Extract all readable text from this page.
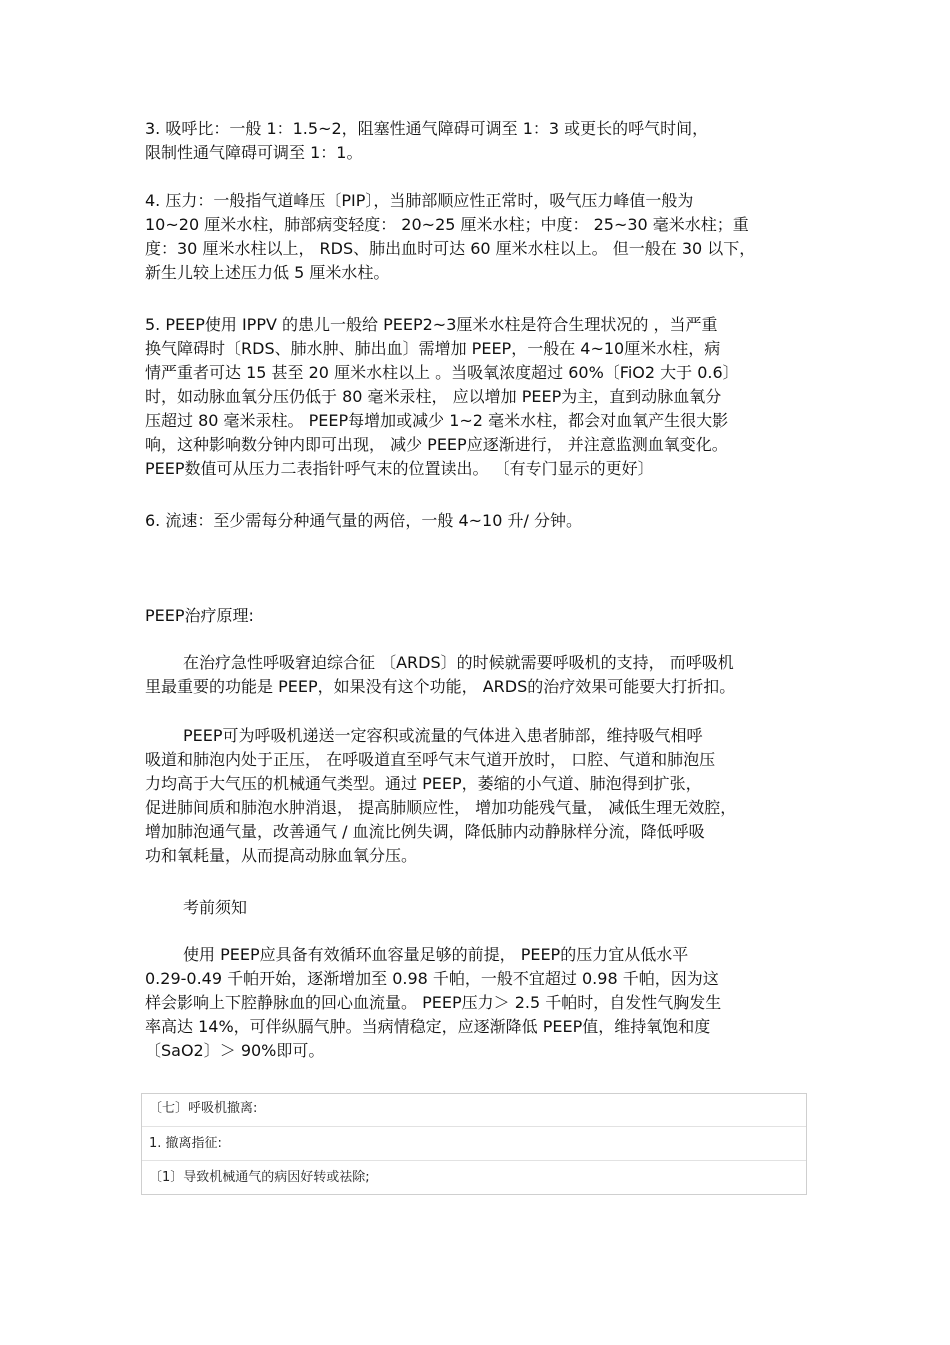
3. 吸呼比：一般 1：1.5~2，阻塞性通气障碍可调至 1：3 或更长的呼气时间，
限制性通气障碍可调至 1：1。

4. 压力：一般指气道峰压〔PIP〕，当肺部顺应性正常时，吸气压力峰值一般为
10~20 厘米水柱，肺部病变轻度： 20~25 厘米水柱；中度： 25~30 毫米水柱；重
度：30 厘米水柱以上， RDS、肺出血时可达 60 厘米水柱以上。 但一般在 30 以下，
新生儿较上述压力低 5 厘米水柱。

5. PEEP使用 IPPV 的患儿一般给 PEEP2~3厘米水柱是符合生理状况的 ，当严重
换气障碍时〔RDS、肺水肿、肺出血〕需增加 PEEP，一般在 4~10厘米水柱，病
情严重者可达 15 甚至 20 厘米水柱以上 。当吸氧浓度超过 60%〔FiO2 大于 0.6〕
时，如动脉血氧分压仍低于 80 毫米汞柱， 应以增加 PEEP为主，直到动脉血氧分
压超过 80 毫米汞柱。 PEEP每增加或减少 1~2 毫米水柱，都会对血氧产生很大影
响，这种影响数分钟内即可出现， 减少 PEEP应逐渐进行， 并注意监测血氧变化。
PEEP数值可从压力二表指针呼气末的位置读出。 〔有专门显示的更好〕

6. 流速：至少需每分种通气量的两倍，一般 4~10 升/ 分钟。

PEEP治疗原理:

在治疗急性呼吸窘迫综合征 〔ARDS〕的时候就需要呼吸机的支持， 而呼吸机
里最重要的功能是 PEEP，如果没有这个功能， ARDS的治疗效果可能要大打折扣。

PEEP可为呼吸机递送一定容积或流量的气体进入患者肺部，维持吸气相呼
吸道和肺泡内处于正压， 在呼吸道直至呼气末气道开放时， 口腔、气道和肺泡压
力均高于大气压的机械通气类型。通过 PEEP，萎缩的小气道、肺泡得到扩张，
促进肺间质和肺泡水肿消退， 提高肺顺应性， 增加功能残气量， 减低生理无效腔，
增加肺泡通气量，改善通气 / 血流比例失调，降低肺内动静脉样分流，降低呼吸
功和氧耗量，从而提高动脉血氧分压。

考前须知

使用 PEEP应具备有效循环血容量足够的前提， PEEP的压力宜从低水平
0.29-0.49 千帕开始，逐渐增加至 0.98 千帕，一般不宜超过 0.98 千帕，因为这
样会影响上下腔静脉血的回心血流量。 PEEP压力＞ 2.5 千帕时，自发性气胸发生
率高达 14%，可伴纵膈气肿。当病情稳定，应逐渐降低 PEEP值，维持氧饱和度
〔SaO2〕＞ 90%即可。

〔七〕呼吸机撤离:
1. 撤离指征:
〔1〕导致机械通气的病因好转或祛除;
